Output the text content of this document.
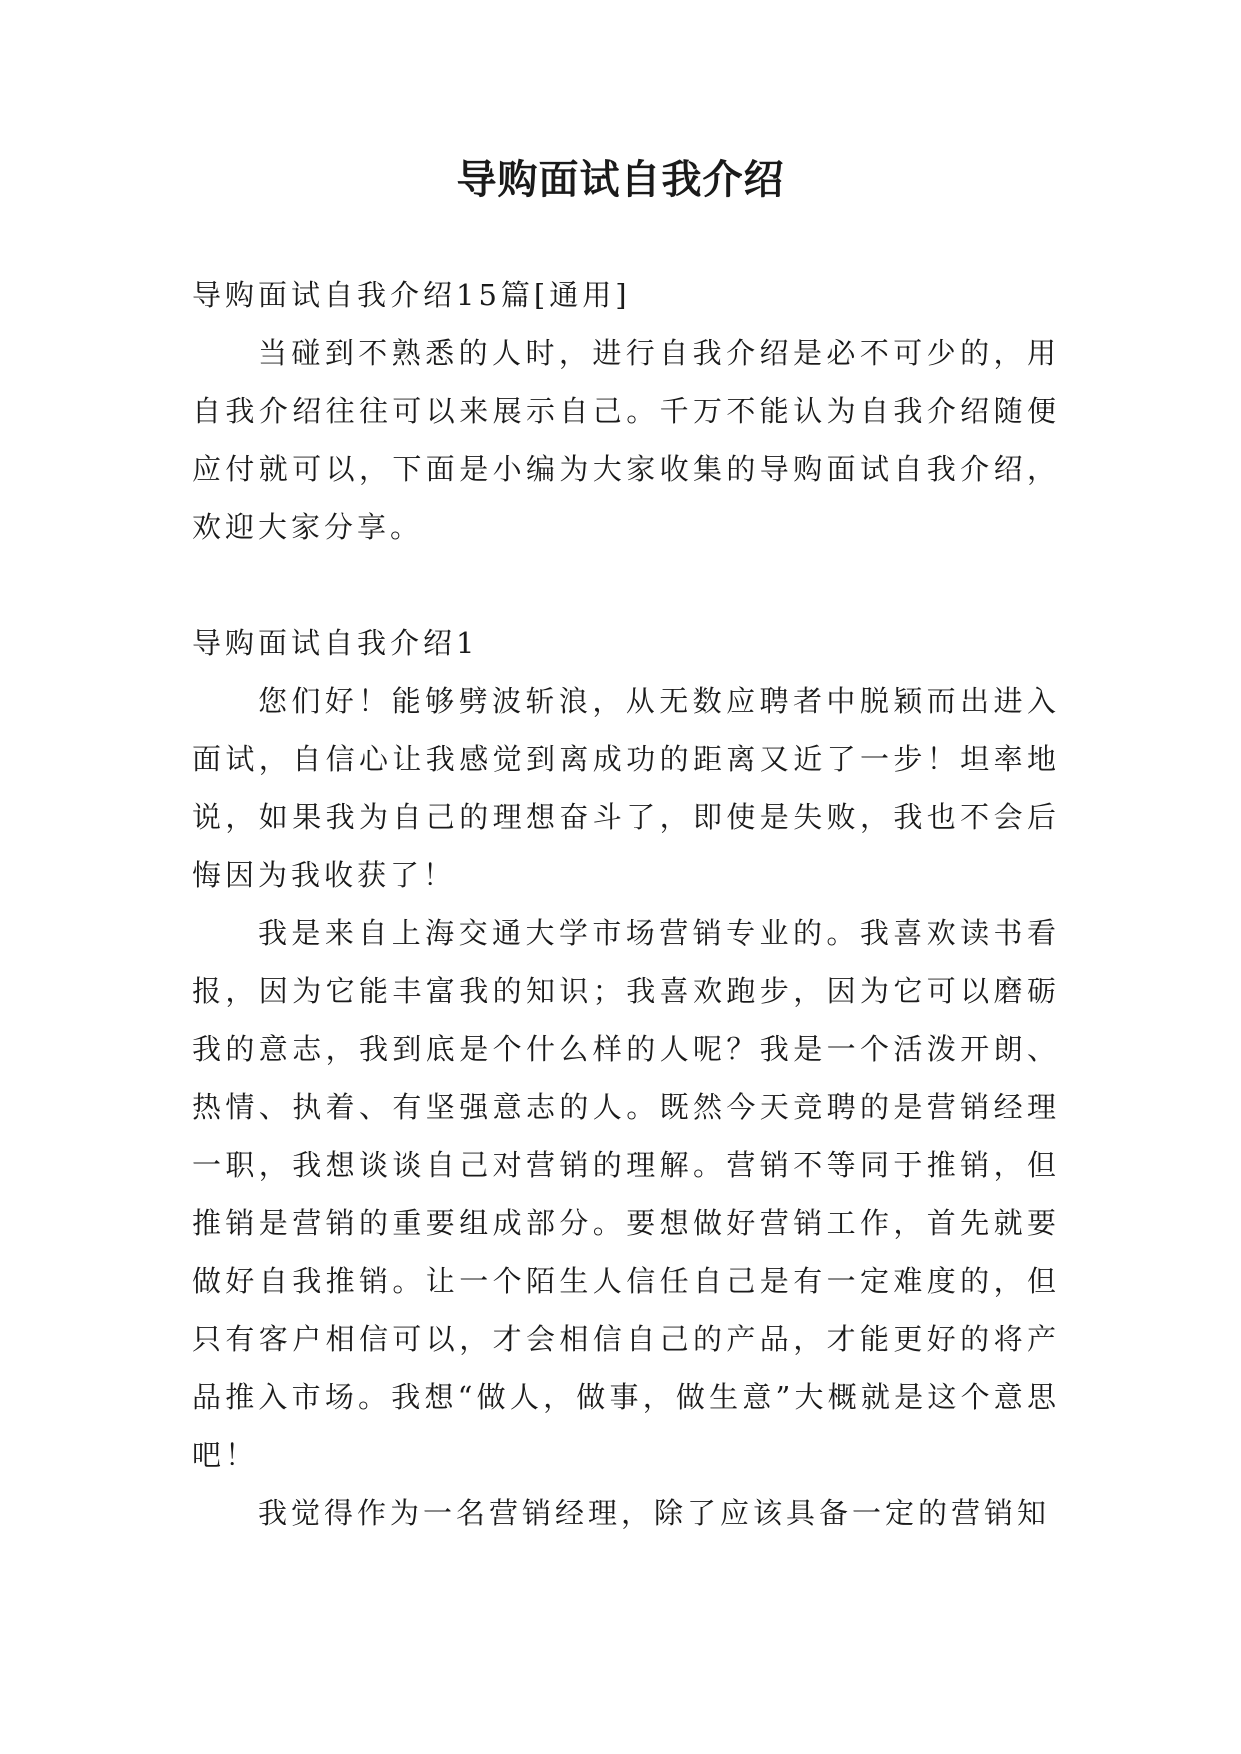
导购面试自我介绍

导购面试自我介绍15篇[通用]

当碰到不熟悉的人时，进行自我介绍是必不可少的，用自我介绍往往可以来展示自己。千万不能认为自我介绍随便应付就可以，下面是小编为大家收集的导购面试自我介绍，欢迎大家分享。

导购面试自我介绍1

您们好！能够劈波斩浪，从无数应聘者中脱颖而出进入面试，自信心让我感觉到离成功的距离又近了一步！坦率地说，如果我为自己的理想奋斗了，即使是失败，我也不会后悔因为我收获了！

我是来自上海交通大学市场营销专业的。我喜欢读书看报，因为它能丰富我的知识；我喜欢跑步，因为它可以磨砺我的意志，我到底是个什么样的人呢？我是一个活泼开朗、热情、执着、有坚强意志的人。既然今天竞聘的是营销经理一职，我想谈谈自己对营销的理解。营销不等同于推销，但推销是营销的重要组成部分。要想做好营销工作，首先就要做好自我推销。让一个陌生人信任自己是有一定难度的，但只有客户相信可以，才会相信自己的产品，才能更好的将产品推入市场。我想“做人，做事，做生意”大概就是这个意思吧！

我觉得作为一名营销经理，除了应该具备一定的营销知
